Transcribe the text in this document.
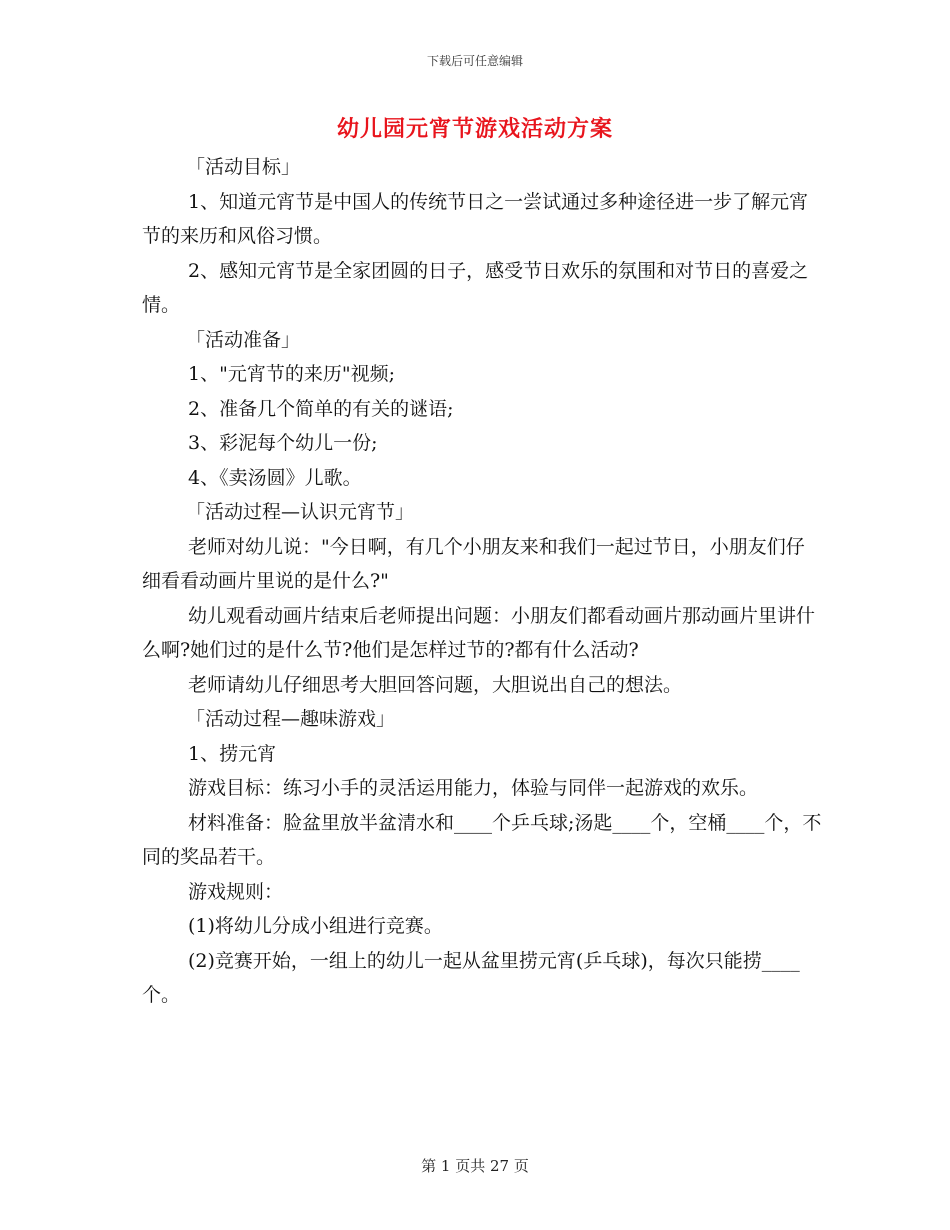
下载后可任意编辑
幼儿园元宵节游戏活动方案

「活动目标」

1、知道元宵节是中国人的传统节日之一尝试通过多种途径进一步了解元宵节的来历和风俗习惯。

2、感知元宵节是全家团圆的日子，感受节日欢乐的氛围和对节日的喜爱之情。

「活动准备」

1、"元宵节的来历"视频;

2、准备几个简单的有关的谜语;

3、彩泥每个幼儿一份;

4、《卖汤圆》儿歌。

「活动过程—认识元宵节」

老师对幼儿说："今日啊，有几个小朋友来和我们一起过节日，小朋友们仔细看看动画片里说的是什么?"

幼儿观看动画片结束后老师提出问题：小朋友们都看动画片那动画片里讲什么啊?她们过的是什么节?他们是怎样过节的?都有什么活动?

老师请幼儿仔细思考大胆回答问题，大胆说出自己的想法。

「活动过程—趣味游戏」

1、捞元宵

游戏目标：练习小手的灵活运用能力，体验与同伴一起游戏的欢乐。

材料准备：脸盆里放半盆清水和____个乒乓球;汤匙____个，空桶____个，不同的奖品若干。

游戏规则：

(1)将幼儿分成小组进行竞赛。

(2)竞赛开始，一组上的幼儿一起从盆里捞元宵(乒乓球)，每次只能捞____个。

第 1 页共 27 页
